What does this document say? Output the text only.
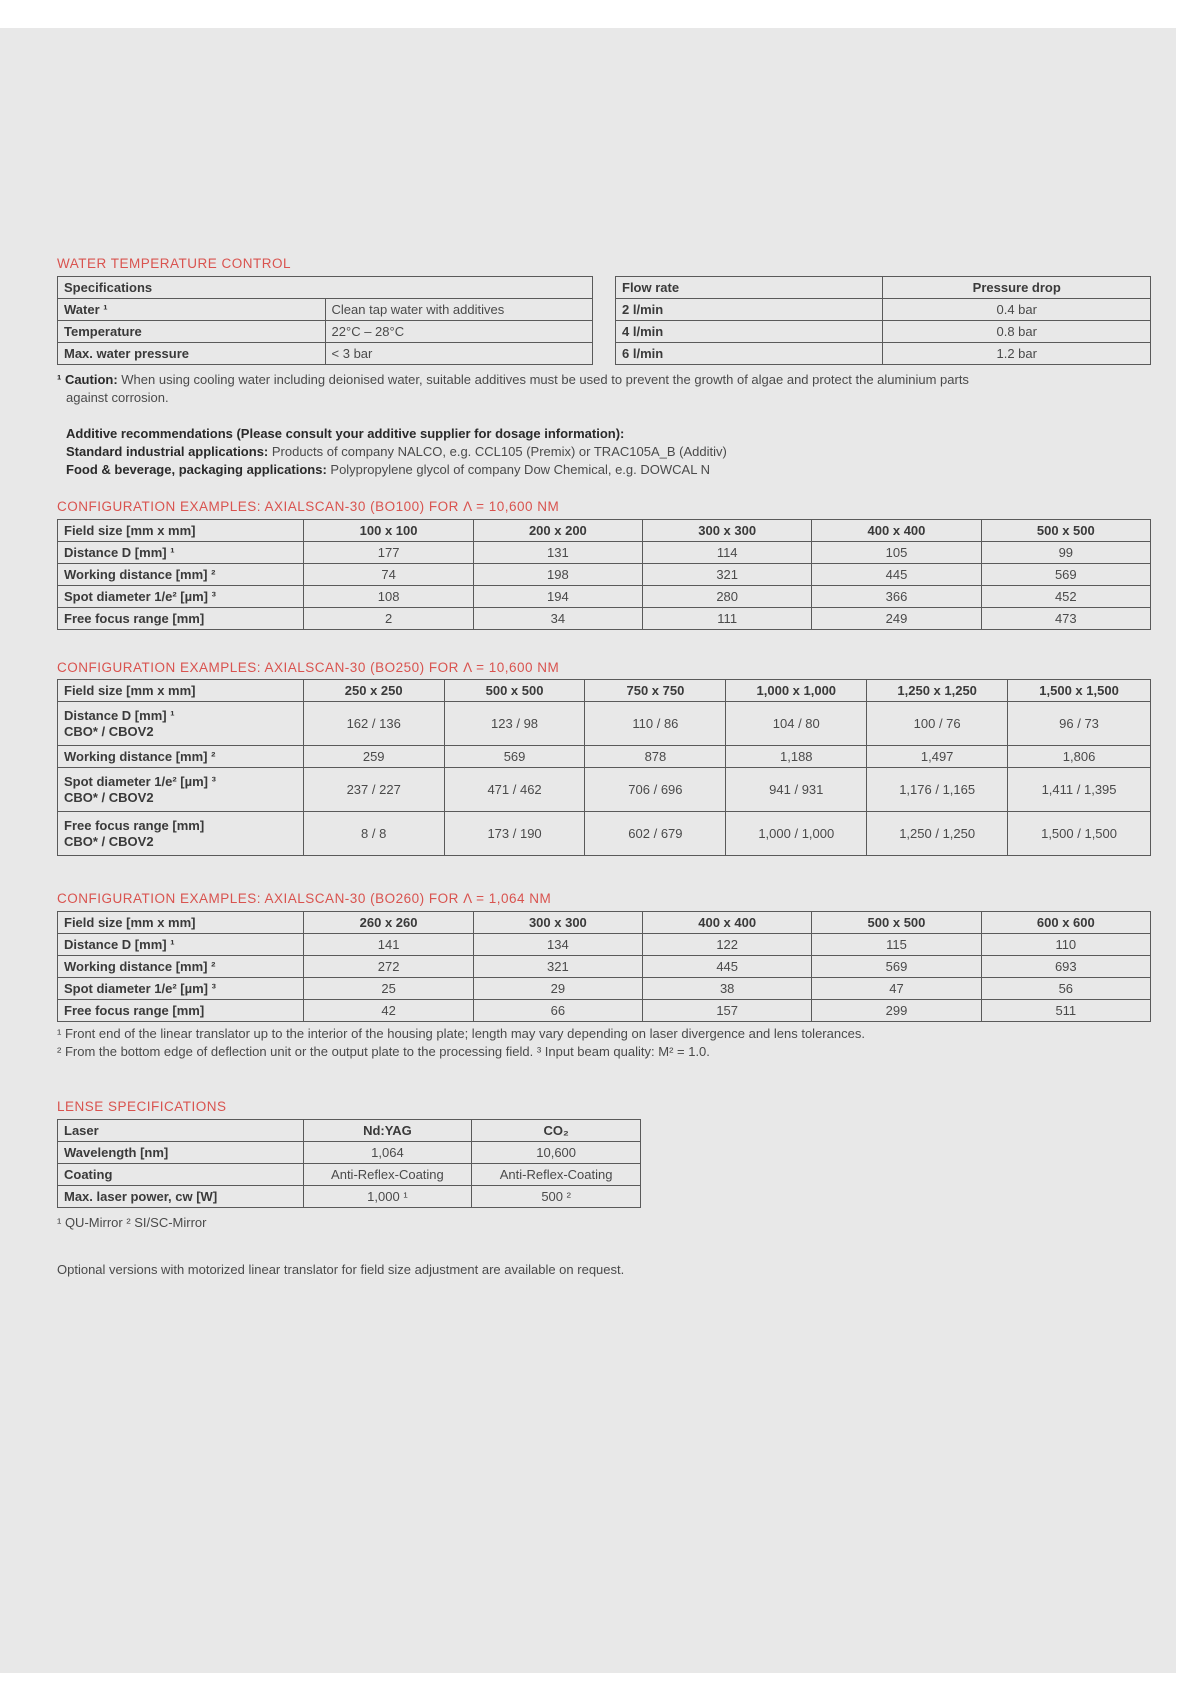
WATER TEMPERATURE CONTROL
Specifications	
Water ¹	Clean tap water with additives
Temperature	22°C – 28°C
Max. water pressure	< 3 bar
Flow rate	Pressure drop
2 l/min	0.4 bar
4 l/min	0.8 bar
6 l/min	1.2 bar
¹ Caution: When using cooling water including deionised water, suitable additives must be used to prevent the growth of algae and protect the aluminium parts
against corrosion.
Additive recommendations (Please consult your additive supplier for dosage information):
Standard industrial applications: Products of company NALCO, e.g. CCL105 (Premix) or TRAC105A_B (Additiv)
Food & beverage, packaging applications: Polypropylene glycol of company Dow Chemical, e.g. DOWCAL N
CONFIGURATION EXAMPLES: AXIALSCAN-30 (BO100) FOR Λ = 10,600 NM
Field size [mm x mm]	100 x 100	200 x 200	300 x 300	400 x 400	500 x 500
Distance D [mm] ¹	177	131	114	105	99
Working distance [mm] ²	74	198	321	445	569
Spot diameter 1/e² [µm] ³	108	194	280	366	452
Free focus range [mm]	2	34	111	249	473
CONFIGURATION EXAMPLES: AXIALSCAN-30 (BO250) FOR Λ = 10,600 NM
Field size [mm x mm]	250 x 250	500 x 500	750 x 750	1,000 x 1,000	1,250 x 1,250	1,500 x 1,500
Distance D [mm] ¹
CBO* / CBOV2	162 / 136	123 / 98	110 / 86	104 / 80	100 / 76	96 / 73
Working distance [mm] ²	259	569	878	1,188	1,497	1,806
Spot diameter 1/e² [µm] ³
CBO* / CBOV2	237 / 227	471 / 462	706 / 696	941 / 931	1,176 / 1,165	1,411 / 1,395
Free focus range [mm]
CBO* / CBOV2	8 / 8	173 / 190	602 / 679	1,000 / 1,000	1,250 / 1,250	1,500 / 1,500
CONFIGURATION EXAMPLES: AXIALSCAN-30 (BO260) FOR Λ = 1,064 NM
Field size [mm x mm]	260 x 260	300 x 300	400 x 400	500 x 500	600 x 600
Distance D [mm] ¹	141	134	122	115	110
Working distance [mm] ²	272	321	445	569	693
Spot diameter 1/e² [µm] ³	25	29	38	47	56
Free focus range [mm]	42	66	157	299	511
¹ Front end of the linear translator up to the interior of the housing plate; length may vary depending on laser divergence and lens tolerances.
² From the bottom edge of deflection unit or the output plate to the processing field. ³ Input beam quality: M² = 1.0.
LENSE SPECIFICATIONS
Laser	Nd:YAG	CO₂
Wavelength [nm]	1,064	10,600
Coating	Anti-Reflex-Coating	Anti-Reflex-Coating
Max. laser power, cw [W]	1,000 ¹	500 ²
¹ QU-Mirror ² SI/SC-Mirror
Optional versions with motorized linear translator for field size adjustment are available on request.
